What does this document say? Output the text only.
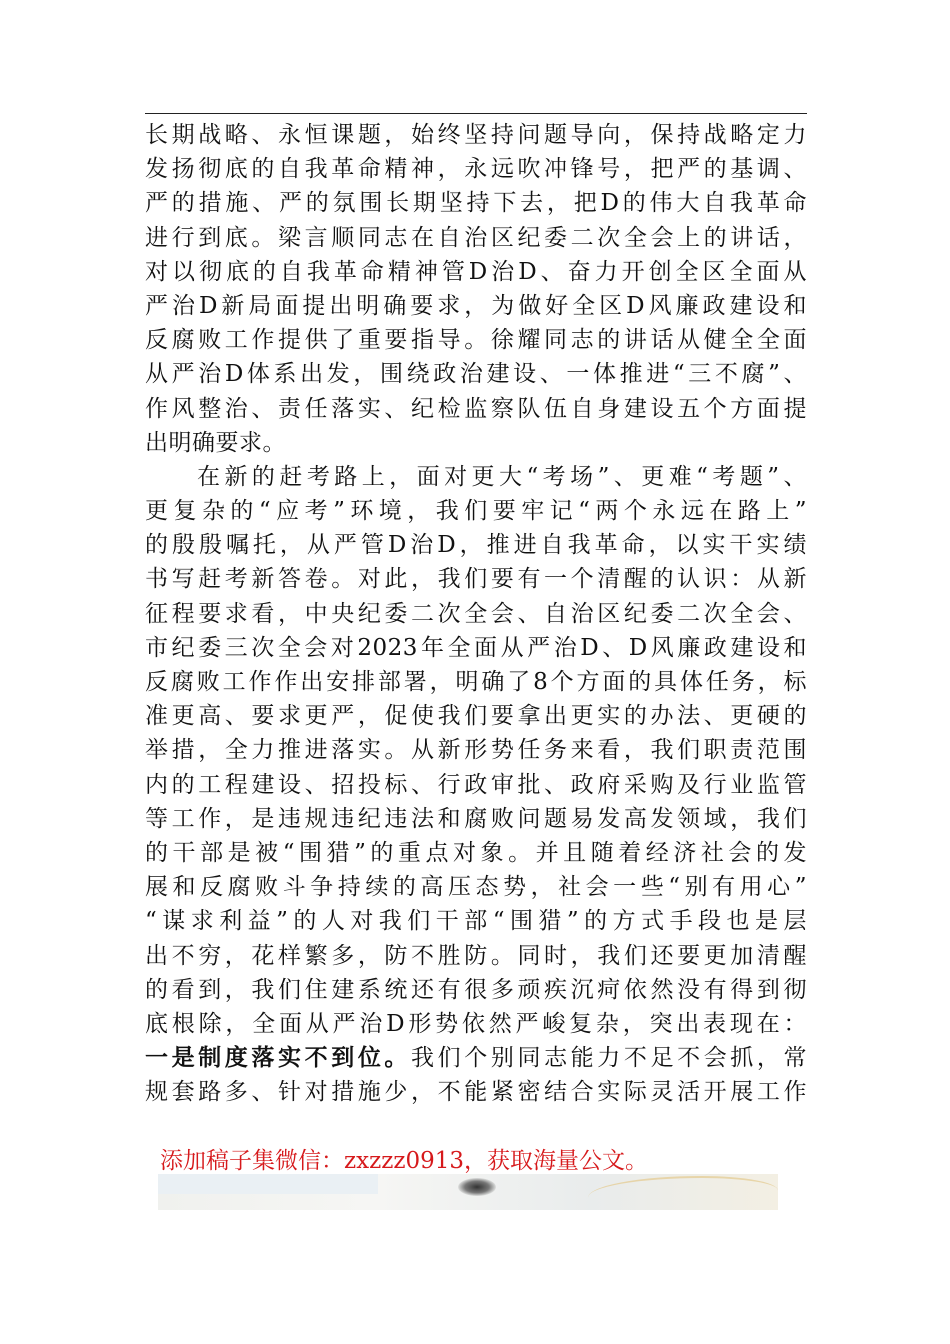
长期战略、永恒课题，始终坚持问题导向，保持战略定力
发扬彻底的自我革命精神，永远吹冲锋号，把严的基调、
严的措施、严的氛围长期坚持下去，把D的伟大自我革命
进行到底。梁言顺同志在自治区纪委二次全会上的讲话，
对以彻底的自我革命精神管D治D、奋力开创全区全面从
严治D新局面提出明确要求，为做好全区D风廉政建设和
反腐败工作提供了重要指导。徐耀同志的讲话从健全全面
从严治D体系出发，围绕政治建设、一体推进“三不腐”、
作风整治、责任落实、纪检监察队伍自身建设五个方面提
出明确要求。
在新的赶考路上，面对更大“考场”、更难“考题”、
更复杂的“应考”环境，我们要牢记“两个永远在路上”
的殷殷嘱托，从严管D治D，推进自我革命，以实干实绩
书写赶考新答卷。对此，我们要有一个清醒的认识：从新
征程要求看，中央纪委二次全会、自治区纪委二次全会、
市纪委三次全会对2023年全面从严治D、D风廉政建设和
反腐败工作作出安排部署，明确了8个方面的具体任务，标
准更高、要求更严，促使我们要拿出更实的办法、更硬的
举措，全力推进落实。从新形势任务来看，我们职责范围
内的工程建设、招投标、行政审批、政府采购及行业监管
等工作，是违规违纪违法和腐败问题易发高发领域，我们
的干部是被“围猎”的重点对象。并且随着经济社会的发
展和反腐败斗争持续的高压态势，社会一些“别有用心”
“谋求利益”的人对我们干部“围猎”的方式手段也是层
出不穷，花样繁多，防不胜防。同时，我们还要更加清醒
的看到，我们住建系统还有很多顽疾沉疴依然没有得到彻
底根除，全面从严治D形势依然严峻复杂，突出表现在：
一是制度落实不到位。我们个别同志能力不足不会抓，常
规套路多、针对措施少，不能紧密结合实际灵活开展工作
添加稿子集微信：zxzzz0913，获取海量公文。
